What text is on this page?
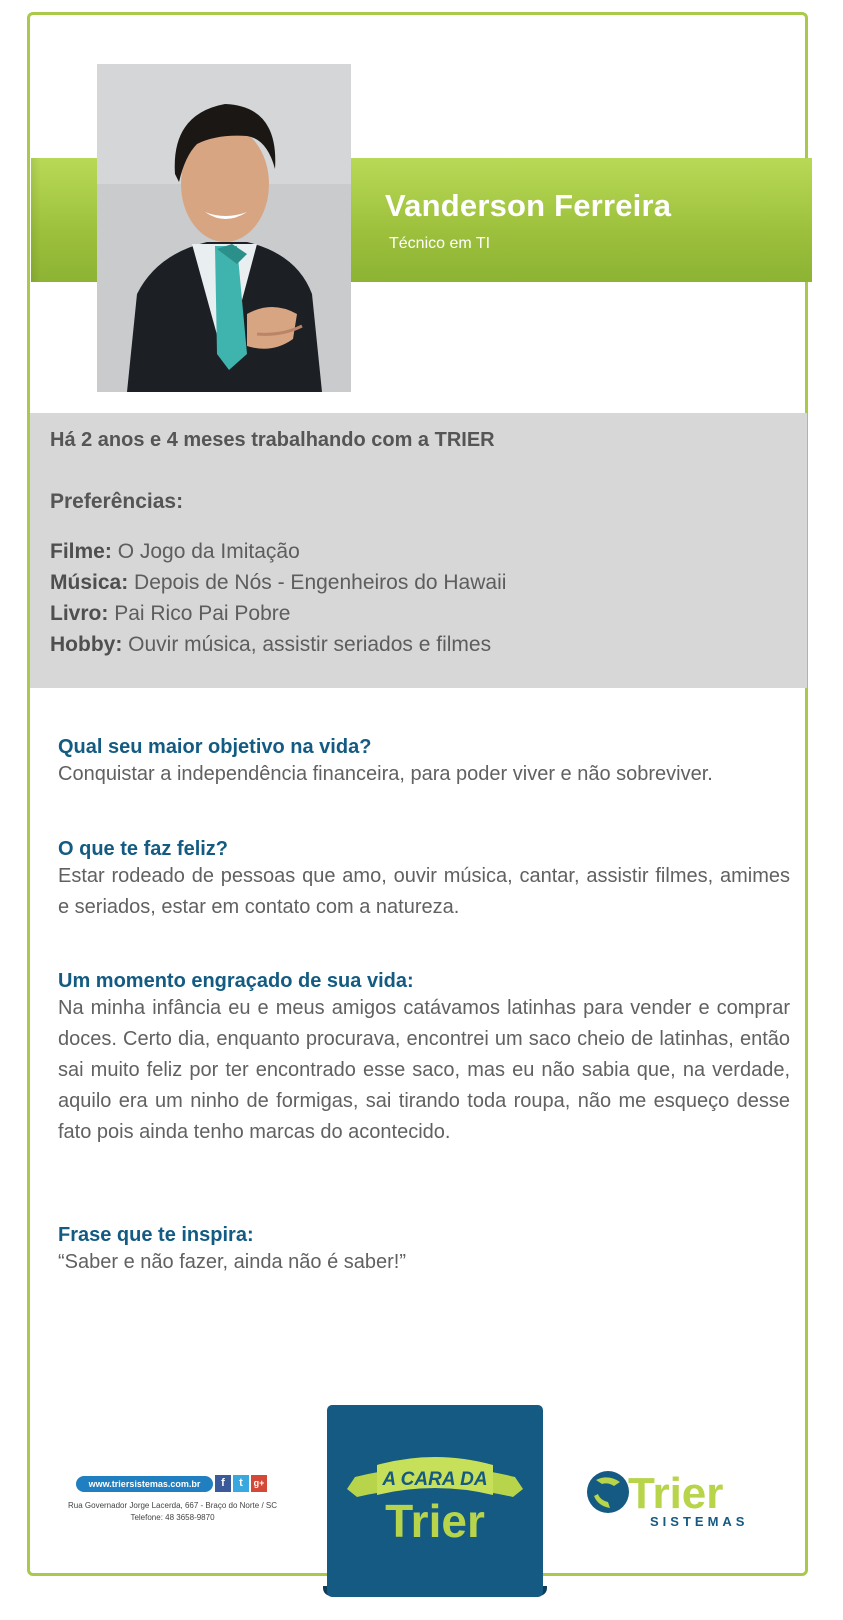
Vanderson Ferreira
Técnico em TI
Há 2 anos e 4 meses trabalhando com a TRIER
Preferências:
Filme: O Jogo da Imitação
Música: Depois de Nós - Engenheiros do Hawaii
Livro: Pai Rico Pai Pobre
Hobby: Ouvir música, assistir seriados e filmes
Qual seu maior objetivo na vida?
Conquistar a independência financeira, para poder viver e não sobreviver.
O que te faz feliz?
Estar rodeado de pessoas que amo, ouvir música, cantar, assistir filmes, amimes e seriados, estar em contato com a natureza.
Um momento engraçado de sua vida:
Na minha infância eu e meus amigos catávamos latinhas para vender e comprar doces. Certo dia, enquanto procurava, encontrei um saco cheio de latinhas, então sai muito feliz por ter encontrado esse saco, mas eu não sabia que, na verdade, aquilo era um ninho de formigas, sai tirando toda roupa, não me esqueço desse fato pois ainda tenho marcas do acontecido.
Frase que te inspira:
“Saber e não fazer, ainda não é saber!”
www.triersistemas.com.br	f	t	g+
Rua Governador Jorge Lacerda, 667 - Braço do Norte / SC
Telefone: 48 3658-9870
A CARA DA
Trier
Trier
SISTEMAS
